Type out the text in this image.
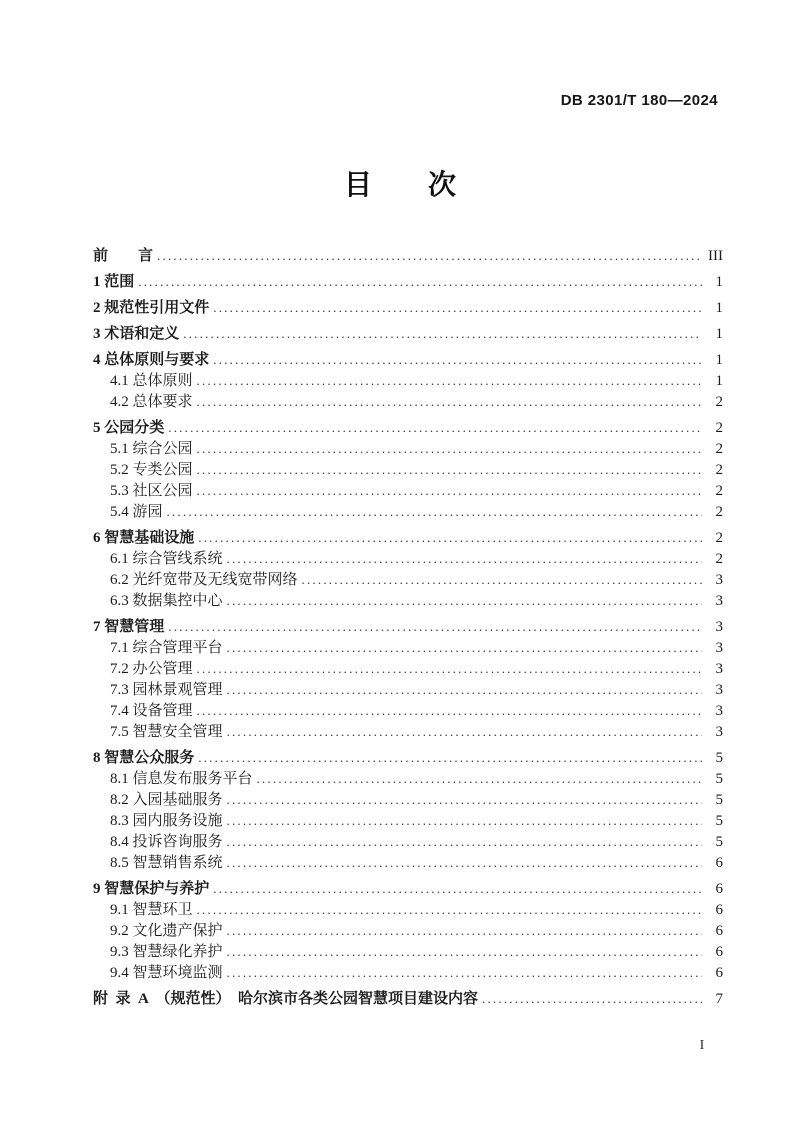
DB 2301/T 180—2024
目　　次
前　　言 .....	III
1 范围 .....	1
2 规范性引用文件 .....	1
3 术语和定义 .....	1
4 总体原则与要求 .....	1
4.1 总体原则 .....	1
4.2 总体要求 .....	2
5 公园分类 .....	2
5.1 综合公园 .....	2
5.2 专类公园 .....	2
5.3 社区公园 .....	2
5.4 游园 .....	2
6 智慧基础设施 .....	2
6.1 综合管线系统 .....	2
6.2 光纤宽带及无线宽带网络 .....	3
6.3 数据集控中心 .....	3
7 智慧管理 .....	3
7.1 综合管理平台 .....	3
7.2 办公管理 .....	3
7.3 园林景观管理 .....	3
7.4 设备管理 .....	3
7.5 智慧安全管理 .....	3
8 智慧公众服务 .....	5
8.1 信息发布服务平台 .....	5
8.2 入园基础服务 .....	5
8.3 园内服务设施 .....	5
8.4 投诉咨询服务 .....	5
8.5 智慧销售系统 .....	6
9 智慧保护与养护 .....	6
9.1 智慧环卫 .....	6
9.2 文化遗产保护 .....	6
9.3 智慧绿化养护 .....	6
9.4 智慧环境监测 .....	6
附  录  A  （规范性）  哈尔滨市各类公园智慧项目建设内容 .....	7
I
